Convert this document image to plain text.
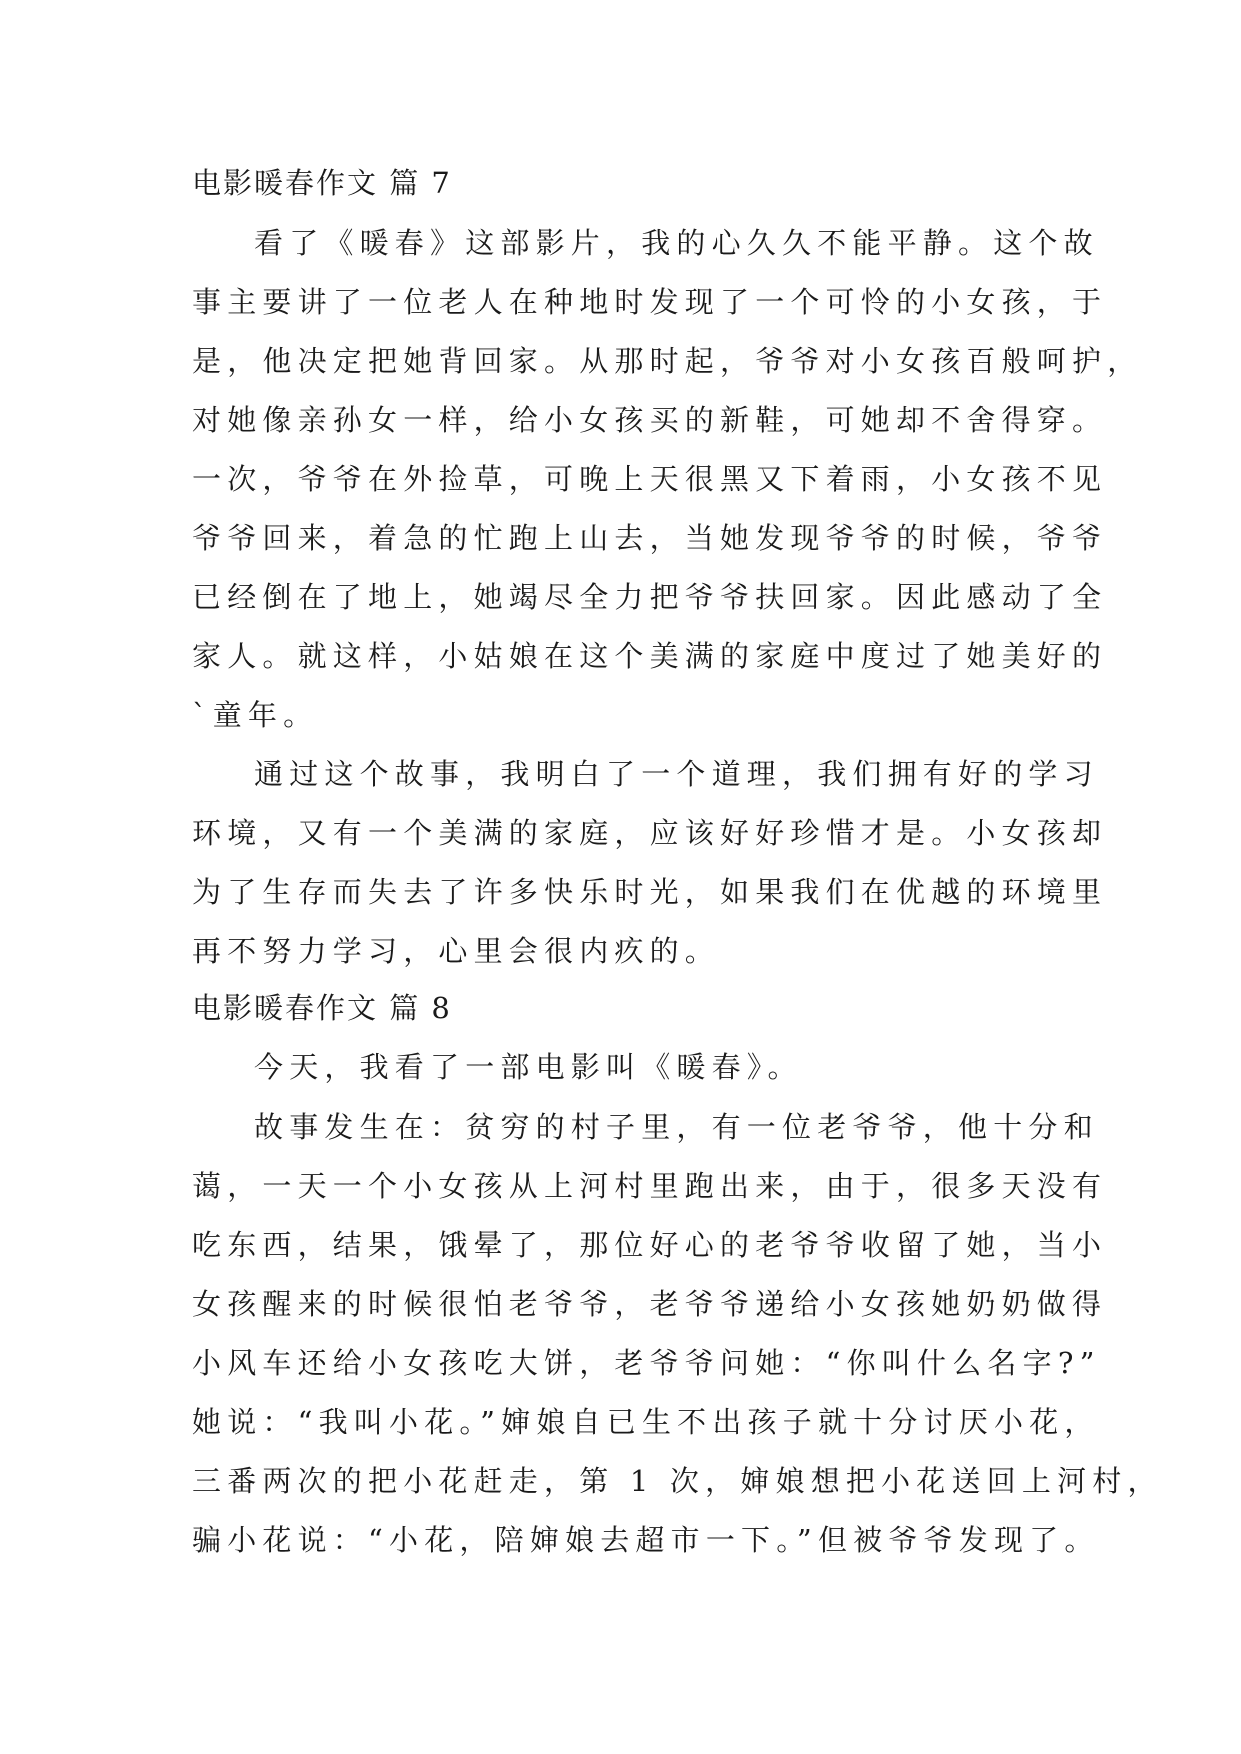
电影暖春作文 篇 7
看了《暖春》这部影片，我的心久久不能平静。这个故
事主要讲了一位老人在种地时发现了一个可怜的小女孩，于
是，他决定把她背回家。从那时起，爷爷对小女孩百般呵护，
对她像亲孙女一样，给小女孩买的新鞋，可她却不舍得穿。
一次，爷爷在外捡草，可晚上天很黑又下着雨，小女孩不见
爷爷回来，着急的忙跑上山去，当她发现爷爷的时候，爷爷
已经倒在了地上，她竭尽全力把爷爷扶回家。因此感动了全
家人。就这样，小姑娘在这个美满的家庭中度过了她美好的
`童年。
通过这个故事，我明白了一个道理，我们拥有好的学习
环境，又有一个美满的家庭，应该好好珍惜才是。小女孩却
为了生存而失去了许多快乐时光，如果我们在优越的环境里
再不努力学习，心里会很内疚的。
电影暖春作文 篇 8
今天，我看了一部电影叫《暖春》。
故事发生在：贫穷的村子里，有一位老爷爷，他十分和
蔼，一天一个小女孩从上河村里跑出来，由于，很多天没有
吃东西，结果，饿晕了，那位好心的老爷爷收留了她，当小
女孩醒来的时候很怕老爷爷，老爷爷递给小女孩她奶奶做得
小风车还给小女孩吃大饼，老爷爷问她：“你叫什么名字?”
她说：“我叫小花。”婶娘自已生不出孩子就十分讨厌小花，
三番两次的把小花赶走，第 1 次，婶娘想把小花送回上河村，
骗小花说：“小花，陪婶娘去超市一下。”但被爷爷发现了。
